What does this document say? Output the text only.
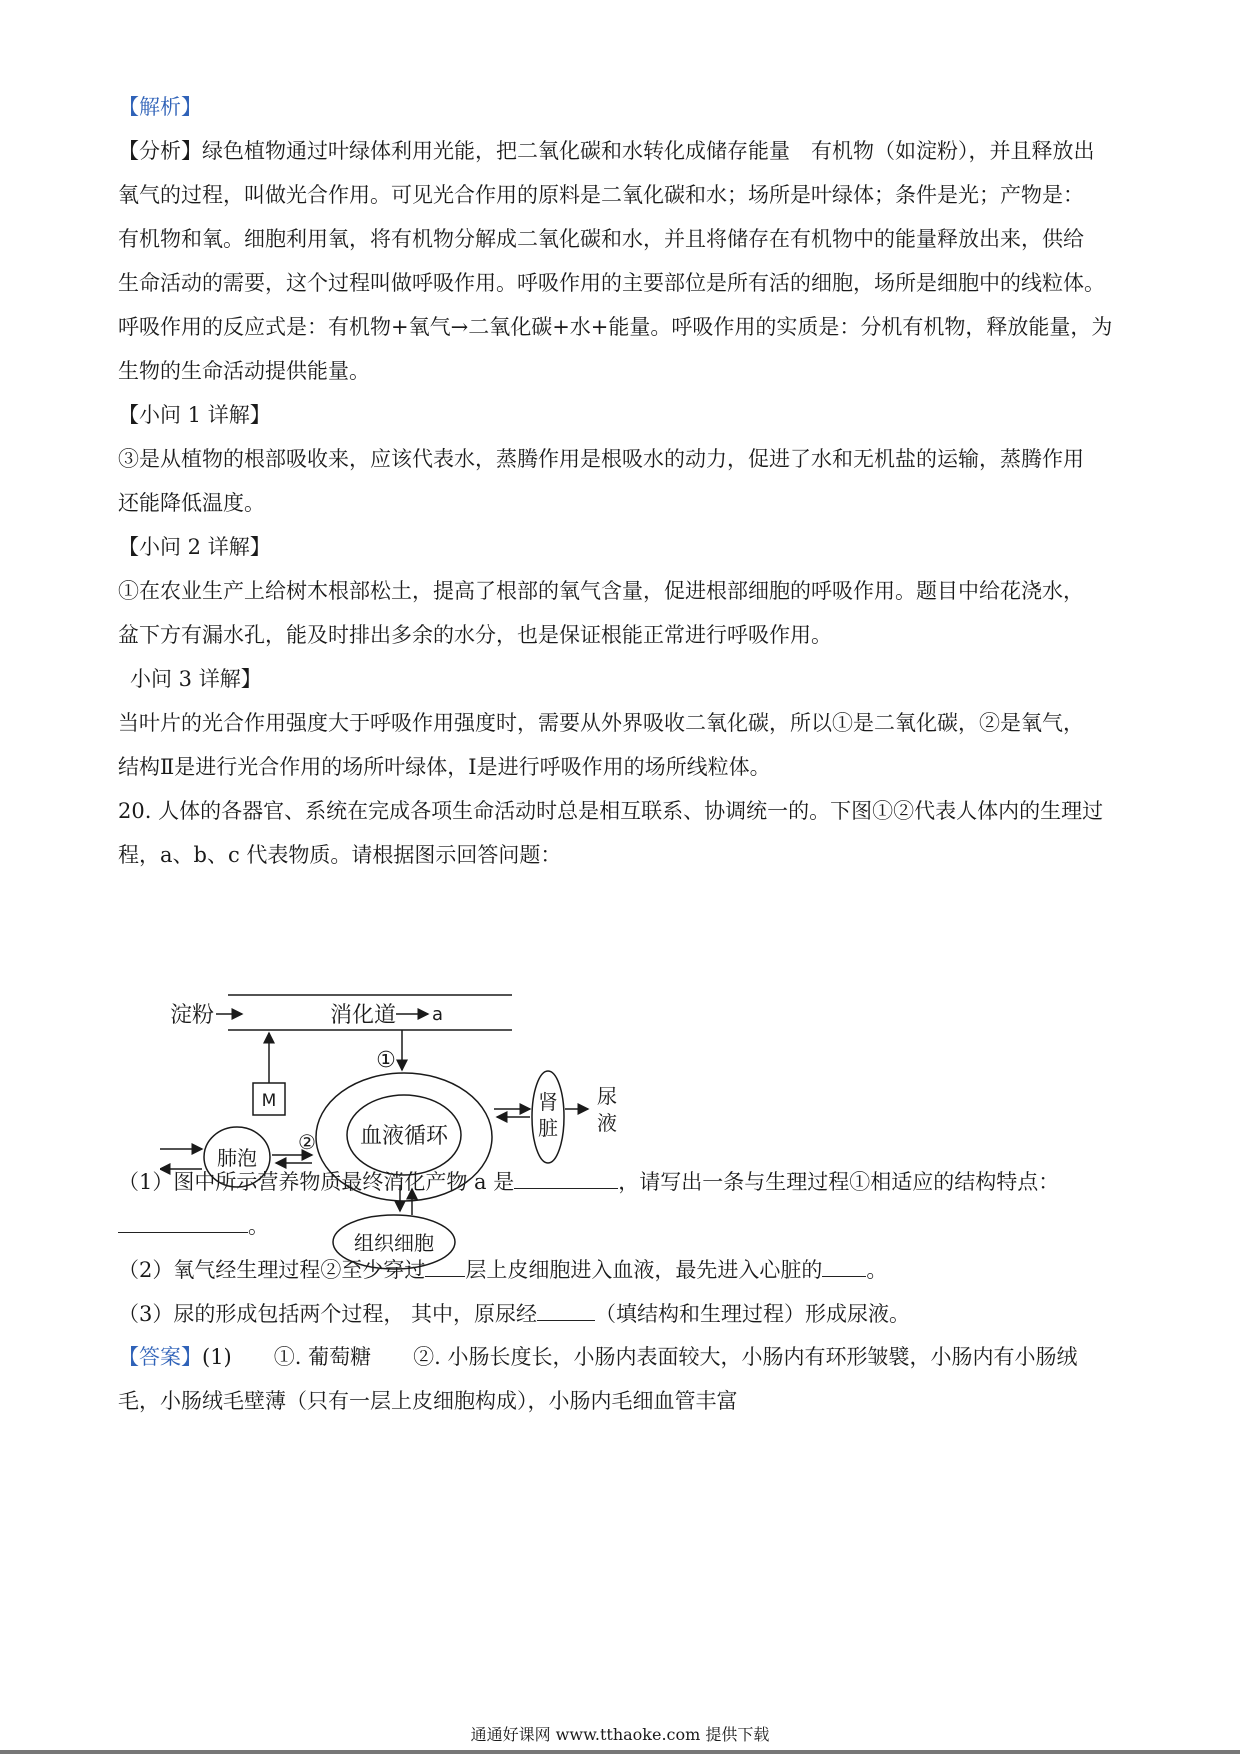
【解析】
【分析】绿色植物通过叶绿体利用光能，把二氧化碳和水转化成储存能量　有机物（如淀粉），并且释放出
氧气的过程，叫做光合作用。可见光合作用的原料是二氧化碳和水；场所是叶绿体；条件是光；产物是：
有机物和氧。细胞利用氧，将有机物分解成二氧化碳和水，并且将储存在有机物中的能量释放出来，供给
生命活动的需要，这个过程叫做呼吸作用。呼吸作用的主要部位是所有活的细胞，场所是细胞中的线粒体。
呼吸作用的反应式是：有机物+氧气→二氧化碳+水+能量。呼吸作用的实质是：分机有机物，释放能量，为
生物的生命活动提供能量。
【小问 1 详解】
③是从植物的根部吸收来，应该代表水，蒸腾作用是根吸水的动力，促进了水和无机盐的运输，蒸腾作用
还能降低温度。
【小问 2 详解】
①在农业生产上给树木根部松土，提高了根部的氧气含量，促进根部细胞的呼吸作用。题目中给花浇水，
盆下方有漏水孔，能及时排出多余的水分，也是保证根能正常进行呼吸作用。
小问 3 详解】
当叶片的光合作用强度大于呼吸作用强度时，需要从外界吸收二氧化碳，所以①是二氧化碳，②是氧气，
结构Ⅱ是进行光合作用的场所叶绿体，I是进行呼吸作用的场所线粒体。
20. 人体的各器官、系统在完成各项生命活动时总是相互联系、协调统一的。下图①②代表人体内的生理过
程，a、b、c 代表物质。请根据图示回答问题：
淀粉	消化道 a
M
①
血液循环
肺泡
②
肾
脏
尿
液
组织细胞
（1）图中所示营养物质最终消化产物 a 是	，请写出一条与生理过程①相适应的结构特点：
。
（2）氧气经生理过程②至少穿过 层上皮细胞进入血液，最先进入心脏的 。
（3）尿的形成包括两个过程， 其中，原尿经	（填结构和生理过程）形成尿液。
【答案】(1)　　①. 葡萄糖　　②. 小肠长度长，小肠内表面较大，小肠内有环形皱襞，小肠内有小肠绒
毛，小肠绒毛壁薄（只有一层上皮细胞构成），小肠内毛细血管丰富
通通好课网 www.tthaoke.com 提供下载
